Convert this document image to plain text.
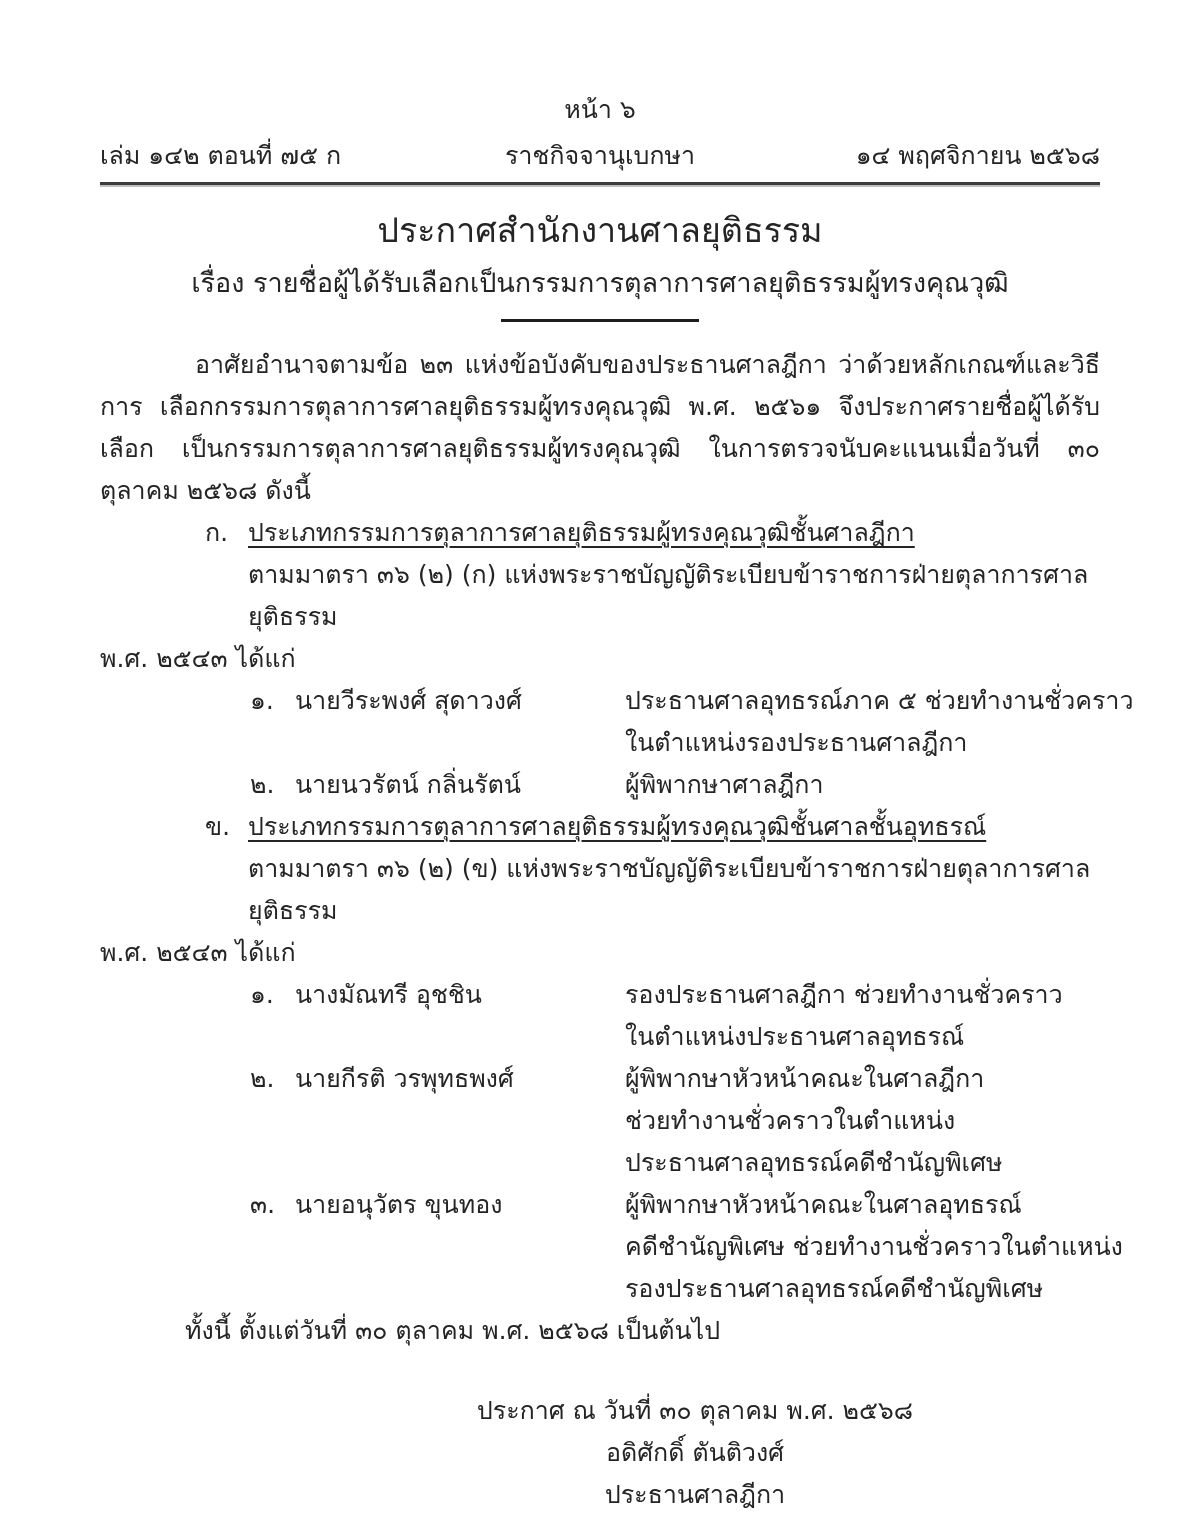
หน้า ๖
เล่ม ๑๔๒ ตอนที่ ๗๕ ก	ราชกิจจานุเบกษา	๑๔ พฤศจิกายน ๒๕๖๘
ประกาศสำนักงานศาลยุติธรรม
เรื่อง รายชื่อผู้ได้รับเลือกเป็นกรรมการตุลาการศาลยุติธรรมผู้ทรงคุณวุฒิ
อาศัยอำนาจตามข้อ ๒๓ แห่งข้อบังคับของประธานศาลฎีกา ว่าด้วยหลักเกณฑ์และวิธีการ เลือกกรรมการตุลาการศาลยุติธรรมผู้ทรงคุณวุฒิ พ.ศ. ๒๕๖๑ จึงประกาศรายชื่อผู้ได้รับเลือก เป็นกรรมการตุลาการศาลยุติธรรมผู้ทรงคุณวุฒิ ในการตรวจนับคะแนนเมื่อวันที่ ๓๐ ตุลาคม ๒๕๖๘ ดังนี้
ก. ประเภทกรรมการตุลาการศาลยุติธรรมผู้ทรงคุณวุฒิชั้นศาลฎีกา
ตามมาตรา ๓๖ (๒) (ก) แห่งพระราชบัญญัติระเบียบข้าราชการฝ่ายตุลาการศาลยุติธรรม
พ.ศ. ๒๕๔๓ ได้แก่
๑. นายวีระพงศ์ สุดาวงศ์	ประธานศาลอุทธรณ์ภาค ๕ ช่วยทำงานชั่วคราว
ในตำแหน่งรองประธานศาลฎีกา
๒. นายนวรัตน์ กลิ่นรัตน์	ผู้พิพากษาศาลฎีกา
ข. ประเภทกรรมการตุลาการศาลยุติธรรมผู้ทรงคุณวุฒิชั้นศาลชั้นอุทธรณ์
ตามมาตรา ๓๖ (๒) (ข) แห่งพระราชบัญญัติระเบียบข้าราชการฝ่ายตุลาการศาลยุติธรรม
พ.ศ. ๒๕๔๓ ได้แก่
๑. นางมัณทรี อุชชิน	รองประธานศาลฎีกา ช่วยทำงานชั่วคราว
ในตำแหน่งประธานศาลอุทธรณ์
๒. นายกีรติ วรพุทธพงศ์	ผู้พิพากษาหัวหน้าคณะในศาลฎีกา
ช่วยทำงานชั่วคราวในตำแหน่ง
ประธานศาลอุทธรณ์คดีชำนัญพิเศษ
๓. นายอนุวัตร ขุนทอง	ผู้พิพากษาหัวหน้าคณะในศาลอุทธรณ์
คดีชำนัญพิเศษ ช่วยทำงานชั่วคราวในตำแหน่ง
รองประธานศาลอุทธรณ์คดีชำนัญพิเศษ
ทั้งนี้ ตั้งแต่วันที่ ๓๐ ตุลาคม พ.ศ. ๒๕๖๘ เป็นต้นไป
ประกาศ ณ วันที่ ๓๐ ตุลาคม พ.ศ. ๒๕๖๘
อดิศักดิ์ ตันติวงศ์
ประธานศาลฎีกา
